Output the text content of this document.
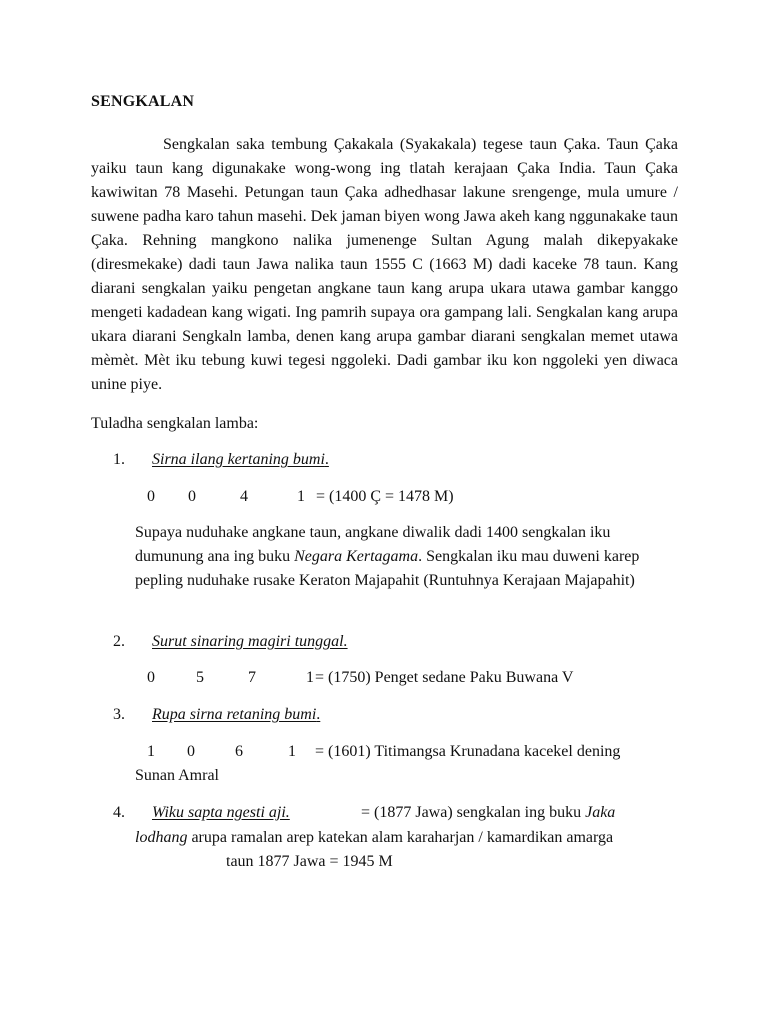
SENGKALAN
Sengkalan saka tembung Çakakala (Syakakala) tegese taun Çaka. Taun Çaka yaiku taun kang digunakake wong-wong ing tlatah kerajaan Çaka India. Taun Çaka kawiwitan 78 Masehi. Petungan taun Çaka adhedhasar lakune srengenge, mula umure / suwene padha karo tahun masehi. Dek jaman biyen wong Jawa akeh kang nggunakake taun Çaka. Rehning mangkono nalika jumenenge Sultan Agung malah dikepyakake (diresmekake) dadi taun Jawa nalika taun 1555 C (1663 M) dadi kaceke 78 taun. Kang diarani sengkalan yaiku pengetan angkane taun kang arupa ukara utawa gambar kanggo mengeti kadadean kang wigati. Ing pamrih supaya ora gampang lali. Sengkalan kang arupa ukara diarani Sengkaln lamba, denen kang arupa gambar diarani sengkalan memet utawa mèmèt. Mèt iku tebung kuwi tegesi nggoleki. Dadi gambar iku kon nggoleki yen diwaca unine piye.
Tuladha sengkalan lamba:
1. Sirna ilang kertaning bumi.

0

0

	4

	1

= (1400 Ç = 1478 M)

Supaya nuduhake angkane taun, angkane diwalik dadi 1400 sengkalan iku dumunung ana ing buku Negara Kertagama. Sengkalan iku mau duweni karep pepling nuduhake rusake Keraton Majapahit (Runtuhnya Kerajaan Majapahit)
2. Surut sinaring magiri tunggal.

0

	5

	7

	1

= (1750) Penget sedane Paku Buwana V

3. Rupa sirna retaning bumi.

1

0

	6

	1

= (1601) Titimangsa Krunadana kacekel dening

Sunan Amral
4. Wiku sapta ngesti aji.	= (1877 Jawa) sengkalan ing buku Jaka
lodhang arupa ramalan arep katekan alam karaharjan / kamardikan amarga
taun 1877 Jawa = 1945 M
